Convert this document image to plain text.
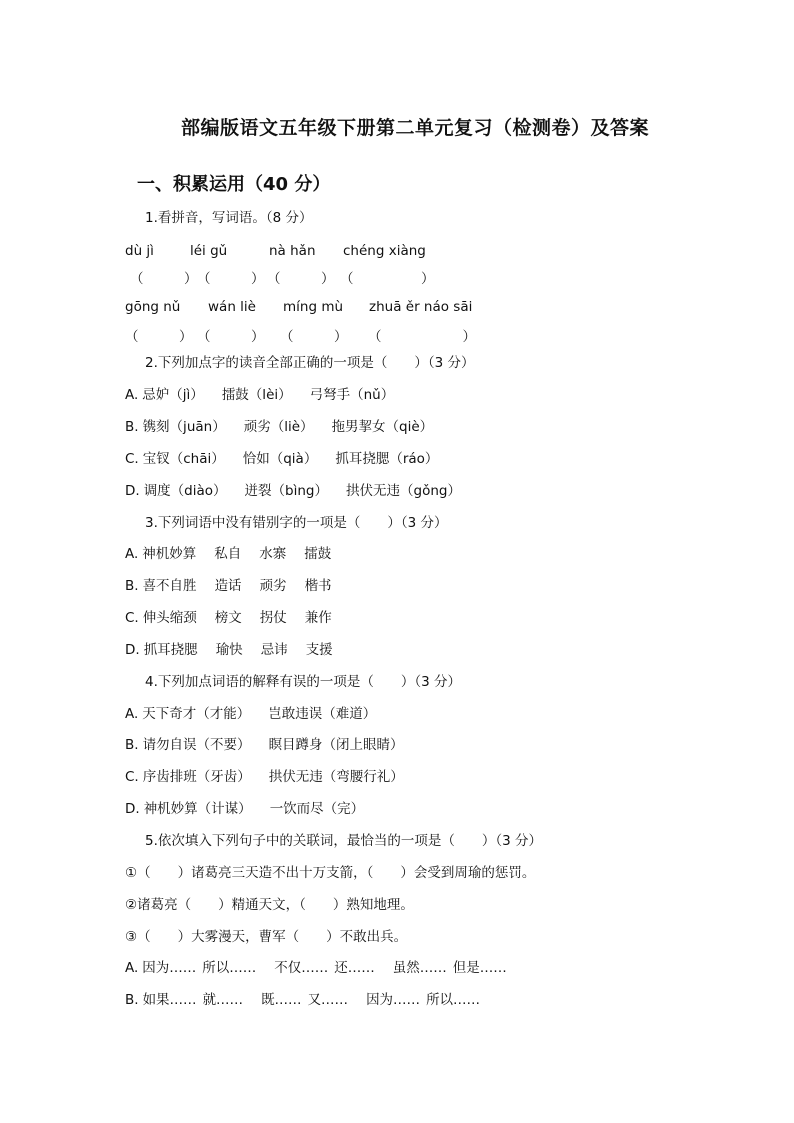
部编版语文五年级下册第二单元复习（检测卷）及答案
一、积累运用（40 分）
1.看拼音，写词语。（8 分）
dù jì	léi gǔ	nà hǎn chéng xiàng
（　　　） （　　　） （　　　） （　　　　　）
gōng nǔ wán liè míng mù zhuā ěr náo sāi
（　　　） （　　　） （　　　） （　　　　　　）
2.下列加点字的读音全部正确的一项是（　　）（3 分）
A. 忌妒（jì） 擂鼓（lèi） 弓弩手（nǔ）
B. 镌刻（juān） 顽劣（liè） 拖男挈女（qiè）
C. 宝钗（chāi） 恰如（qià） 抓耳挠腮（ráo）
D. 调度（diào） 迸裂（bìng） 拱伏无违（gǒng）
3.下列词语中没有错别字的一项是（　　）（3 分）
A. 神机妙算 私自 水寨 擂鼓
B. 喜不自胜 造话 顽劣 楷书
C. 伸头缩颈 榜文 拐仗 兼作
D. 抓耳挠腮 瑜快 忌讳 支援
4.下列加点词语的解释有误的一项是（　　）（3 分）
A. 天下奇才（才能） 岂敢违误（难道）
B. 请勿自误（不要） 瞑目蹲身（闭上眼睛）
C. 序齿排班（牙齿） 拱伏无违（弯腰行礼）
D. 神机妙算（计谋） 一饮而尽（完）
5.依次填入下列句子中的关联词，最恰当的一项是（　　）（3 分）
①（　　）诸葛亮三天造不出十万支箭，（　　）会受到周瑜的惩罚。
②诸葛亮（　　）精通天文，（　　）熟知地理。
③（　　）大雾漫天，曹军（　　）不敢出兵。
A. 因为…… 所以…… 不仅…… 还…… 虽然…… 但是……
B. 如果…… 就…… 既…… 又…… 因为…… 所以……
